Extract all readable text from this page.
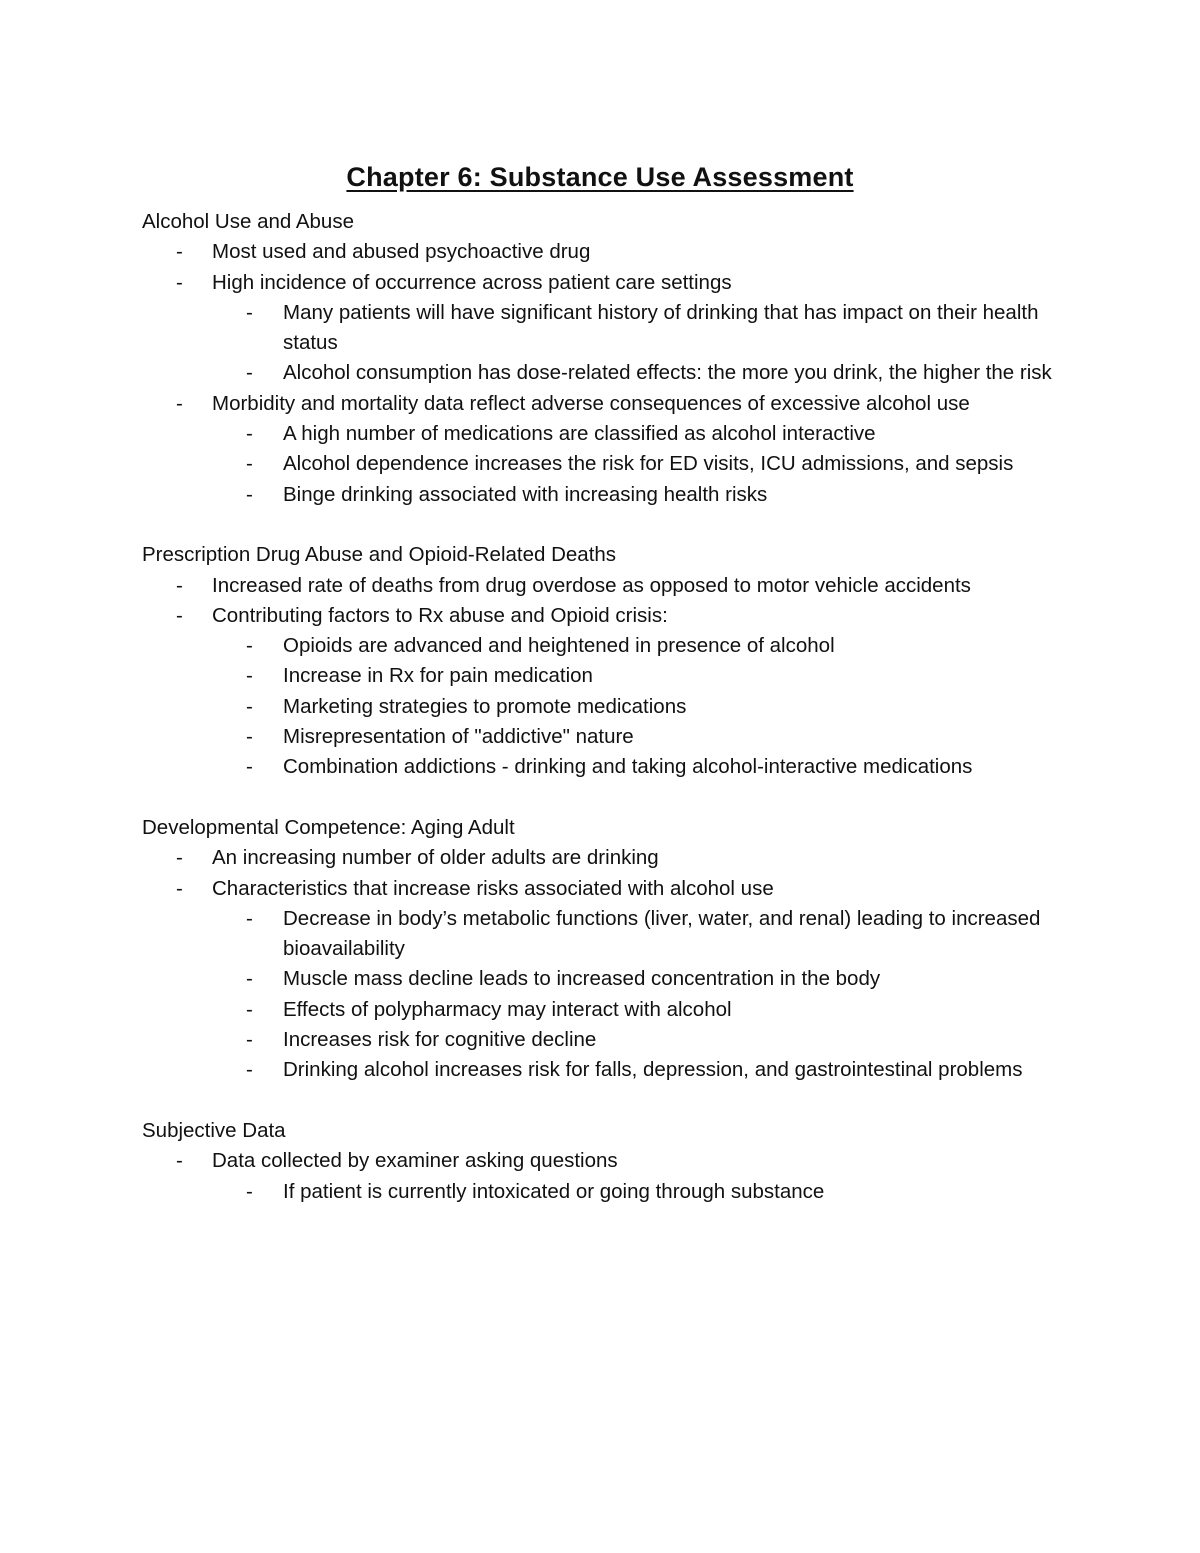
Chapter 6: Substance Use Assessment

Alcohol Use and Abuse

- Most used and abused psychoactive drug

- High incidence of occurrence across patient care settings

- Many patients will have significant history of drinking that has impact on their health status

- Alcohol consumption has dose-related effects: the more you drink, the higher the risk

- Morbidity and mortality data reflect adverse consequences of excessive alcohol use

- A high number of medications are classified as alcohol interactive

- Alcohol dependence increases the risk for ED visits, ICU admissions, and sepsis

- Binge drinking associated with increasing health risks

Prescription Drug Abuse and Opioid-Related Deaths

- Increased rate of deaths from drug overdose as opposed to motor vehicle accidents

- Contributing factors to Rx abuse and Opioid crisis:

- Opioids are advanced and heightened in presence of alcohol

- Increase in Rx for pain medication

- Marketing strategies to promote medications

- Misrepresentation of "addictive" nature

- Combination addictions - drinking and taking alcohol-interactive medications

Developmental Competence: Aging Adult

- An increasing number of older adults are drinking

- Characteristics that increase risks associated with alcohol use

- Decrease in body’s metabolic functions (liver, water, and renal) leading to increased bioavailability

- Muscle mass decline leads to increased concentration in the body

- Effects of polypharmacy may interact with alcohol

- Increases risk for cognitive decline

- Drinking alcohol increases risk for falls, depression, and gastrointestinal problems

Subjective Data

- Data collected by examiner asking questions

- If patient is currently intoxicated or going through substance
